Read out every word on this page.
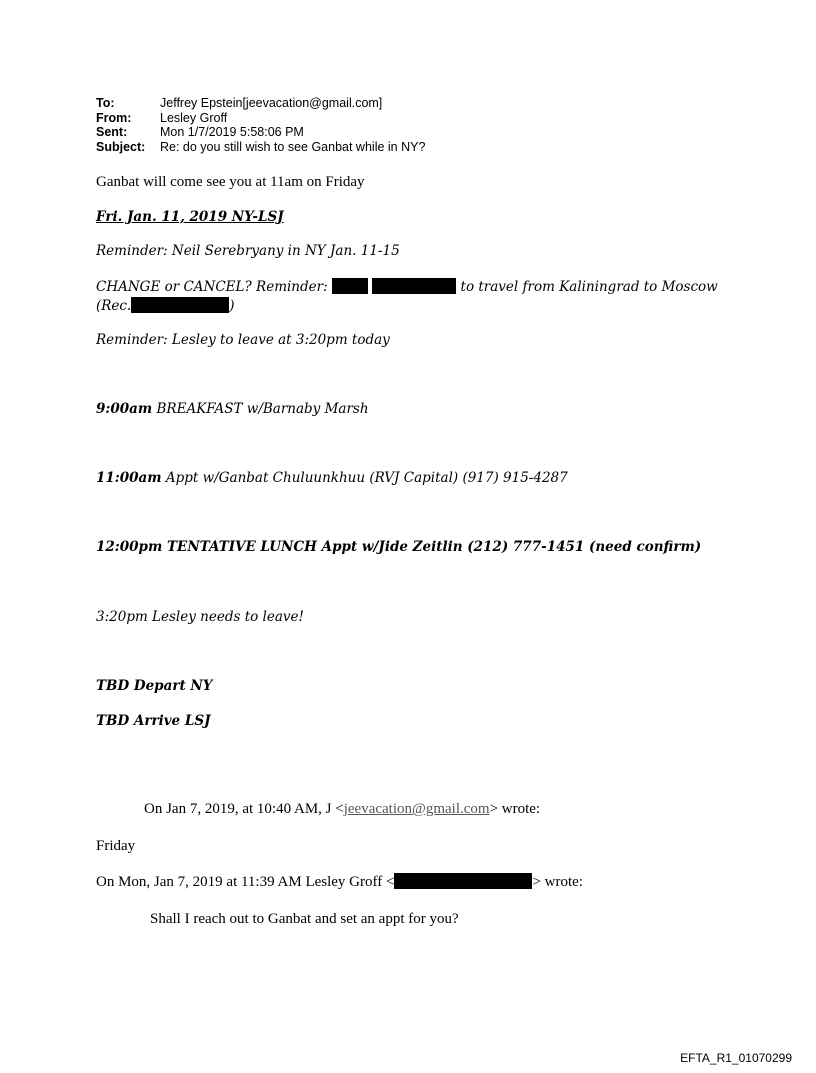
To:	Jeffrey Epstein[jeevacation@gmail.com]
From:	Lesley Groff
Sent:	Mon 1/7/2019 5:58:06 PM
Subject:	Re: do you still wish to see Ganbat while in NY?
Ganbat will come see you at 11am on Friday
Fri. Jan. 11, 2019 NY-LSJ
Reminder: Neil Serebryany in NY Jan. 11-15
CHANGE or CANCEL? Reminder:	to travel from Kaliningrad to Moscow
(Rec.	)
Reminder: Lesley to leave at 3:20pm today
9:00am BREAKFAST w/Barnaby Marsh
11:00am Appt w/Ganbat Chuluunkhuu (RVJ Capital) (917) 915-4287
12:00pm TENTATIVE LUNCH Appt w/Jide Zeitlin (212) 777-1451 (need confirm)
3:20pm Lesley needs to leave!
TBD Depart NY
TBD Arrive LSJ
On Jan 7, 2019, at 10:40 AM, J <jeevacation@gmail.com> wrote:
Friday
On Mon, Jan 7, 2019 at 11:39 AM Lesley Groff <	> wrote:
Shall I reach out to Ganbat and set an appt for you?
EFTA_R1_01070299
